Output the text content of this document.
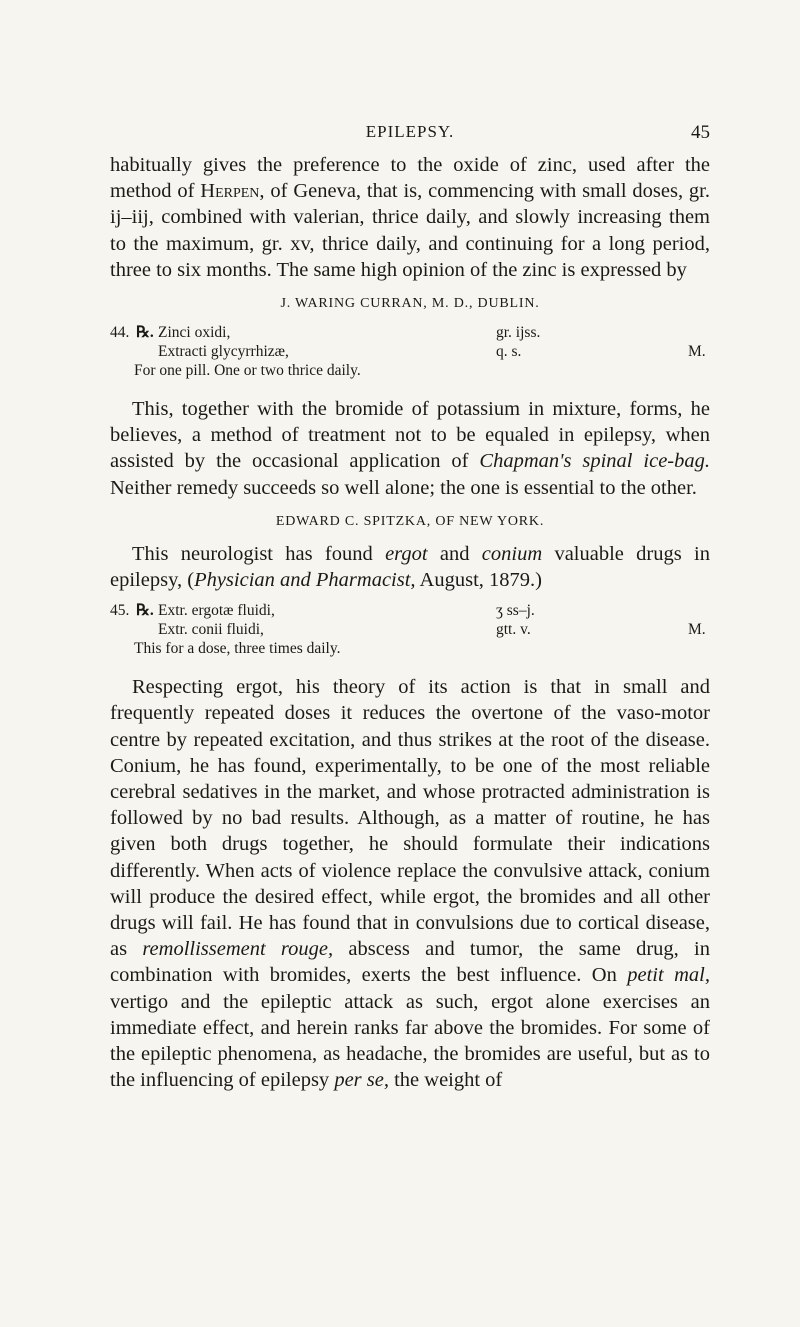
EPILEPSY.	45

habitually gives the preference to the oxide of zinc, used after the method of Herpen, of Geneva, that is, commencing with small doses, gr. ij–iij, combined with valerian, thrice daily, and slowly increasing them to the maximum, gr. xv, thrice daily, and continuing for a long period, three to six months. The same high opinion of the zinc is expressed by

J. WARING CURRAN, M. D., DUBLIN.
44. ℞. Zinci oxidi,	gr. ijss.
Extracti glycyrrhizæ,	q. s.	M.
For one pill. One or two thrice daily.

This, together with the bromide of potassium in mixture, forms, he believes, a method of treatment not to be equaled in epilepsy, when assisted by the occasional application of Chapman's spinal ice-bag. Neither remedy succeeds so well alone; the one is essential to the other.

EDWARD C. SPITZKA, OF NEW YORK.

This neurologist has found ergot and conium valuable drugs in epilepsy, (Physician and Pharmacist, August, 1879.)

45. ℞. Extr. ergotæ fluidi,	ʒ ss–j.
Extr. conii fluidi,	gtt. v.	M.
This for a dose, three times daily.

Respecting ergot, his theory of its action is that in small and frequently repeated doses it reduces the overtone of the vaso-motor centre by repeated excitation, and thus strikes at the root of the disease. Conium, he has found, experimentally, to be one of the most reliable cerebral sedatives in the market, and whose protracted administration is followed by no bad results. Although, as a matter of routine, he has given both drugs together, he should formulate their indications differently. When acts of violence replace the convulsive attack, conium will produce the desired effect, while ergot, the bromides and all other drugs will fail. He has found that in convulsions due to cortical disease, as remollissement rouge, abscess and tumor, the same drug, in combination with bromides, exerts the best influence. On petit mal, vertigo and the epileptic attack as such, ergot alone exercises an immediate effect, and herein ranks far above the bromides. For some of the epileptic phenomena, as headache, the bromides are useful, but as to the influencing of epilepsy per se, the weight of
